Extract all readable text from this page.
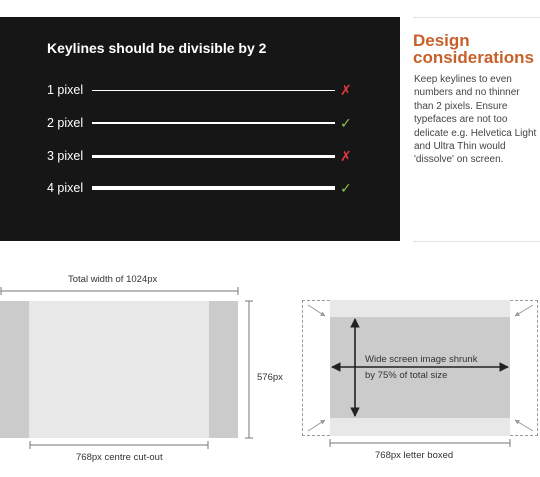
Keylines should be divisible by 2
1 pixel	✗
2 pixel	✓
3 pixel	✗
4 pixel	✓
Design considerations

Keep keylines to even numbers and no thinner than 2 pixels. Ensure typefaces are not too delicate e.g. Helvetica Light and Ultra Thin would 'dissolve' on screen.

Total width of 1024px
576px
768px centre cut-out
Wide screen image shrunk
by 75% of total size
768px letter boxed
